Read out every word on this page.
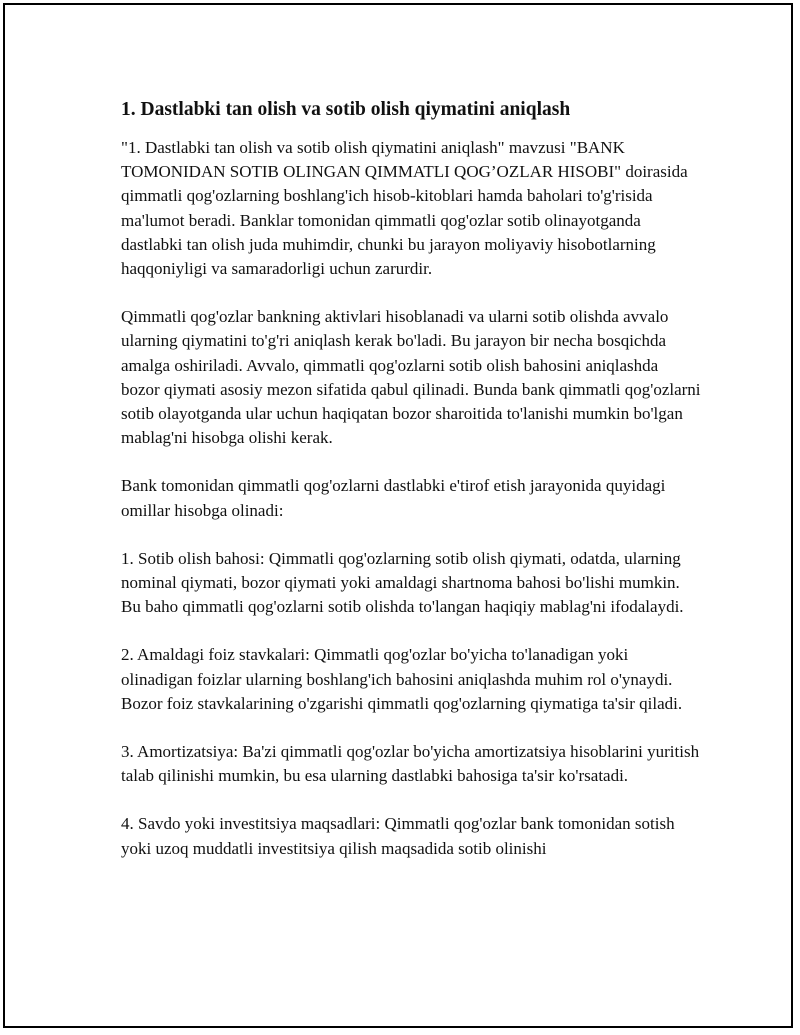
1. Dastlabki tan olish va sotib olish qiymatini aniqlash

"1. Dastlabki tan olish va sotib olish qiymatini aniqlash" mavzusi "BANK TOMONIDAN SOTIB OLINGAN QIMMATLI QOG’OZLAR HISOBI" doirasida qimmatli qog'ozlarning boshlang'ich hisob-kitoblari hamda baholari to'g'risida ma'lumot beradi. Banklar tomonidan qimmatli qog'ozlar sotib olinayotganda dastlabki tan olish juda muhimdir, chunki bu jarayon moliyaviy hisobotlarning haqqoniyligi va samaradorligi uchun zarurdir.

Qimmatli qog'ozlar bankning aktivlari hisoblanadi va ularni sotib olishda avvalo ularning qiymatini to'g'ri aniqlash kerak bo'ladi. Bu jarayon bir necha bosqichda amalga oshiriladi. Avvalo, qimmatli qog'ozlarni sotib olish bahosini aniqlashda bozor qiymati asosiy mezon sifatida qabul qilinadi. Bunda bank qimmatli qog'ozlarni sotib olayotganda ular uchun haqiqatan bozor sharoitida to'lanishi mumkin bo'lgan mablag'ni hisobga olishi kerak.

Bank tomonidan qimmatli qog'ozlarni dastlabki e'tirof etish jarayonida quyidagi omillar hisobga olinadi:

1. Sotib olish bahosi: Qimmatli qog'ozlarning sotib olish qiymati, odatda, ularning nominal qiymati, bozor qiymati yoki amaldagi shartnoma bahosi bo'lishi mumkin. Bu baho qimmatli qog'ozlarni sotib olishda to'langan haqiqiy mablag'ni ifodalaydi.

2. Amaldagi foiz stavkalari: Qimmatli qog'ozlar bo'yicha to'lanadigan yoki olinadigan foizlar ularning boshlang'ich bahosini aniqlashda muhim rol o'ynaydi. Bozor foiz stavkalarining o'zgarishi qimmatli qog'ozlarning qiymatiga ta'sir qiladi.

3. Amortizatsiya: Ba'zi qimmatli qog'ozlar bo'yicha amortizatsiya hisoblarini yuritish talab qilinishi mumkin, bu esa ularning dastlabki bahosiga ta'sir ko'rsatadi.

4. Savdo yoki investitsiya maqsadlari: Qimmatli qog'ozlar bank tomonidan sotish yoki uzoq muddatli investitsiya qilish maqsadida sotib olinishi
